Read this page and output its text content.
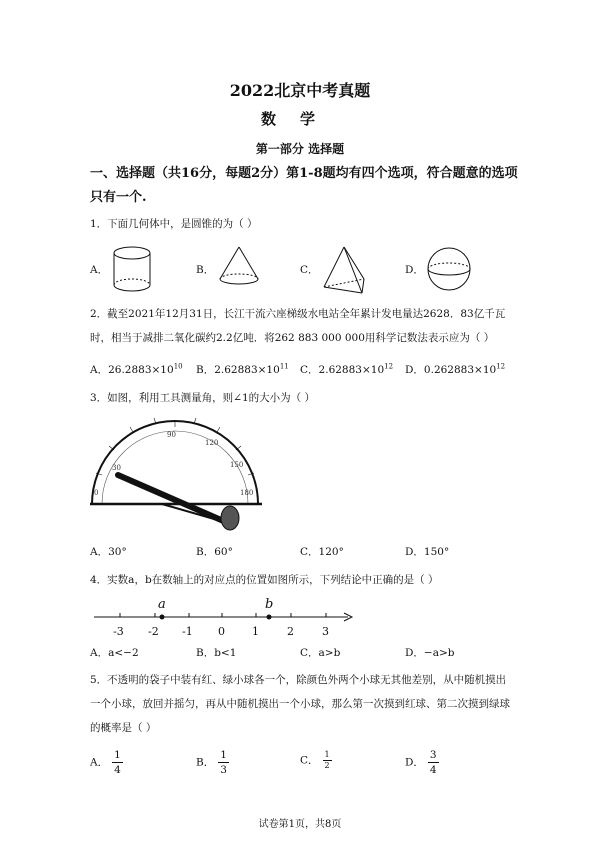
2022北京中考真题
数学
第一部分 选择题
一、选择题（共16分，每题2分）第1-8题均有四个选项，符合题意的选项只有一个.
1．下面几何体中，是圆锥的为（ ）
A．	B．	C．	D．
2．截至2021年12月31日，长江干流六座梯级水电站全年累计发电量达2628．83亿千瓦
时，相当于减排二氧化碳约2.2亿吨．将262 883 000 000用科学记数法表示应为（ ）
A．$26.2883\times 10^{10}$ B．$2.62883\times 10^{11}$ C．$2.62883\times 10^{12}$ D．$0.262883\times 10^{12}$
3．如图，利用工具测量角，则∠1的大小为（ ）
0
30
90
120
150
180
1
A．30°	B．60°	C．120°	D．150°
4．实数a，b在数轴上的对应点的位置如图所示，下列结论中正确的是（ ）
a	b
-3 -2 -1 0 1	2	3
A．a<−2	B．b<1	C．a>b	D．−a>b
5．不透明的袋子中装有红、绿小球各一个，除颜色外两个小球无其他差别，从中随机摸出
一个小球，放回并摇匀，再从中随机摸出一个小球，那么第一次摸到红球、第二次摸到绿球
的概率是（ ）
A． $\frac{1}{4}$	B． $\frac{1}{3}$	C． $\frac{1}{2}$	D． $\frac{3}{4}$
试卷第1页，共8页
